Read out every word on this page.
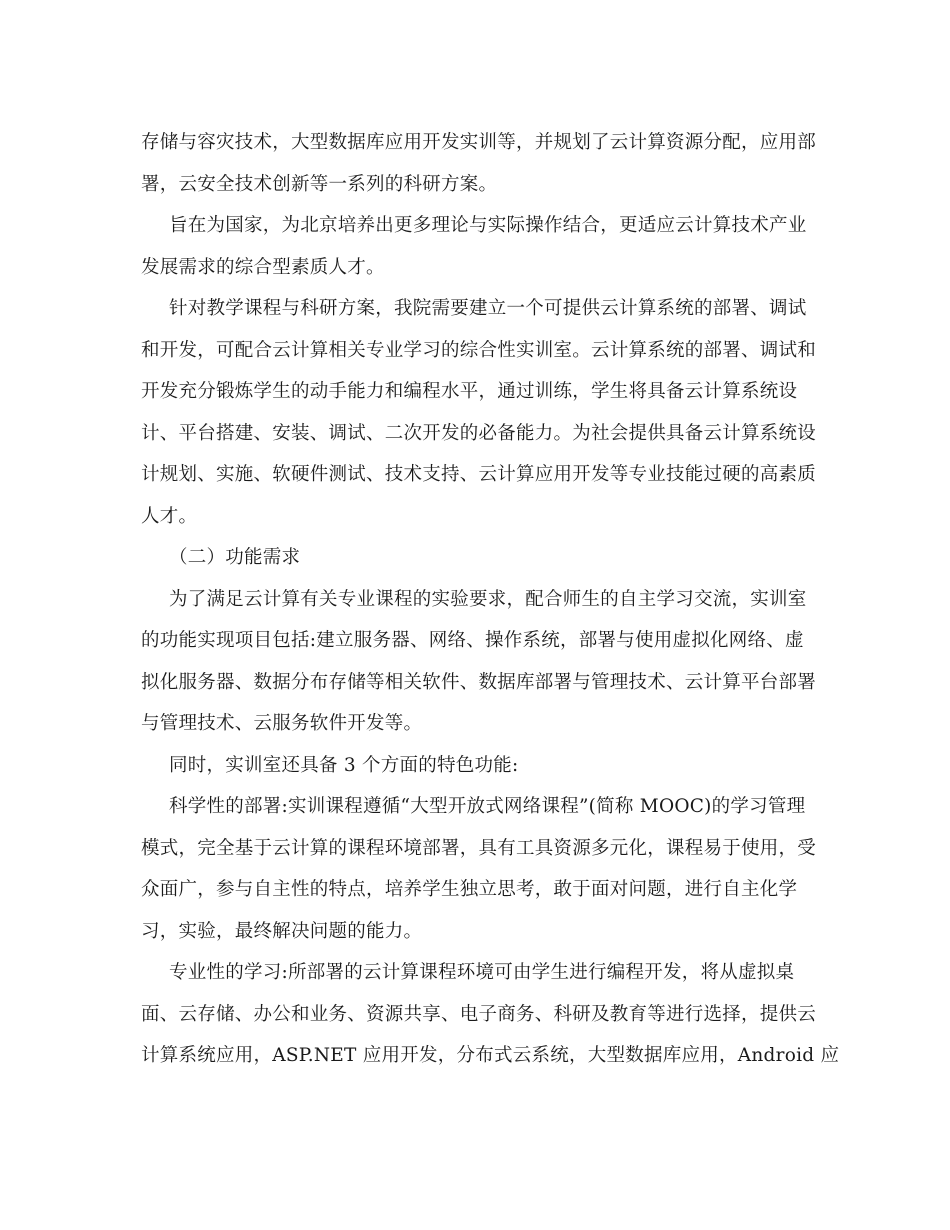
存储与容灾技术，大型数据库应用开发实训等，并规划了云计算资源分配，应用部
署，云安全技术创新等一系列的科研方案。
旨在为国家，为北京培养出更多理论与实际操作结合，更适应云计算技术产业
发展需求的综合型素质人才。
针对教学课程与科研方案，我院需要建立一个可提供云计算系统的部署、调试
和开发，可配合云计算相关专业学习的综合性实训室。云计算系统的部署、调试和
开发充分锻炼学生的动手能力和编程水平，通过训练，学生将具备云计算系统设
计、平台搭建、安装、调试、二次开发的必备能力。为社会提供具备云计算系统设
计规划、实施、软硬件测试、技术支持、云计算应用开发等专业技能过硬的高素质
人才。
（二）功能需求
为了满足云计算有关专业课程的实验要求，配合师生的自主学习交流，实训室
的功能实现项目包括:建立服务器、网络、操作系统，部署与使用虚拟化网络、虚
拟化服务器、数据分布存储等相关软件、数据库部署与管理技术、云计算平台部署
与管理技术、云服务软件开发等。
同时，实训室还具备 3 个方面的特色功能:
科学性的部署:实训课程遵循“大型开放式网络课程”(简称 MOOC)的学习管理
模式，完全基于云计算的课程环境部署，具有工具资源多元化，课程易于使用，受
众面广，参与自主性的特点，培养学生独立思考，敢于面对问题，进行自主化学
习，实验，最终解决问题的能力。
专业性的学习:所部署的云计算课程环境可由学生进行编程开发，将从虚拟桌
面、云存储、办公和业务、资源共享、电子商务、科研及教育等进行选择，提供云
计算系统应用，ASP.NET 应用开发，分布式云系统，大型数据库应用，Android 应
